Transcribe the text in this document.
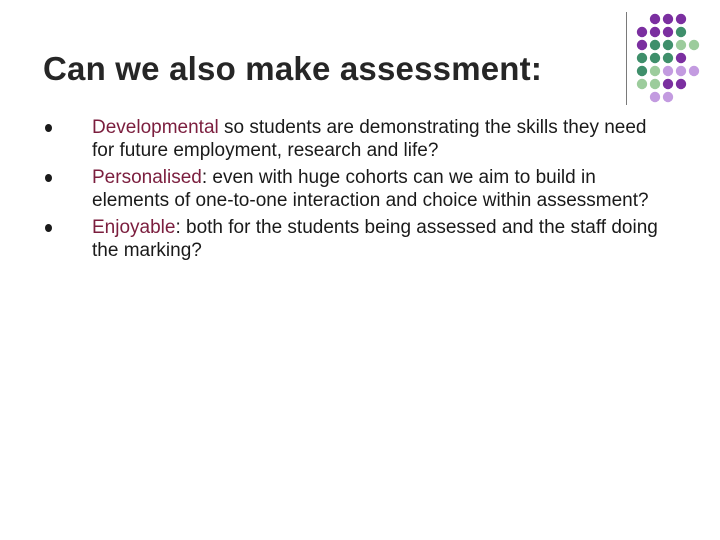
Can we also make assessment:
Developmental so students are demonstrating the skills they need for future employment, research and life?
Personalised: even with huge cohorts can we aim to build in elements of one-to-one interaction and choice within assessment?
Enjoyable: both for the students being assessed and the staff doing the marking?
